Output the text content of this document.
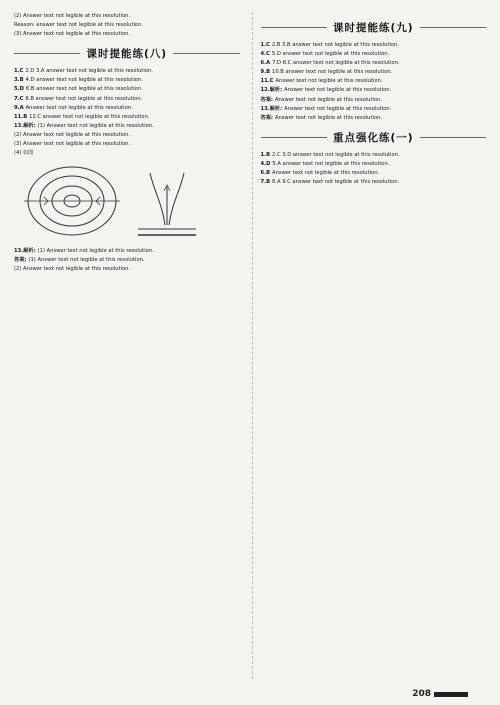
(2) Answer text not legible at this resolution.

Reason: answer text not legible at this resolution.

(3) Answer text not legible at this resolution.

课时提能练(八)

1.C 2.D 3.A answer text not legible at this resolution.

3.B 4.D answer text not legible at this resolution.

5.D 6.B answer text not legible at this resolution.

7.C 8.B answer text not legible at this resolution.

9.A Answer text not legible at this resolution.

11.B 12.C answer text not legible at this resolution.

13.解析: (1) Answer text not legible at this resolution.

(2) Answer text not legible at this resolution.

(3) Answer text not legible at this resolution.

(4) 如图

13.解析: (1) Answer text not legible at this resolution.

答案: (1) Answer text not legible at this resolution.

(2) Answer text not legible at this resolution.

课时提能练(九)

1.C 2.B 3.B answer text not legible at this resolution.

4.C 5.D answer text not legible at this resolution.

6.A 7.D 8.C answer text not legible at this resolution.

9.B 10.B answer text not legible at this resolution.

11.C Answer text not legible at this resolution.

12.解析: Answer text not legible at this resolution.

答案: Answer text not legible at this resolution.

13.解析: Answer text not legible at this resolution.

答案: Answer text not legible at this resolution.

重点强化练(一)

1.B 2.C 3.D answer text not legible at this resolution.

4.D 5.A answer text not legible at this resolution.

6.B Answer text not legible at this resolution.

7.B 8.A 9.C answer text not legible at this resolution.

208
